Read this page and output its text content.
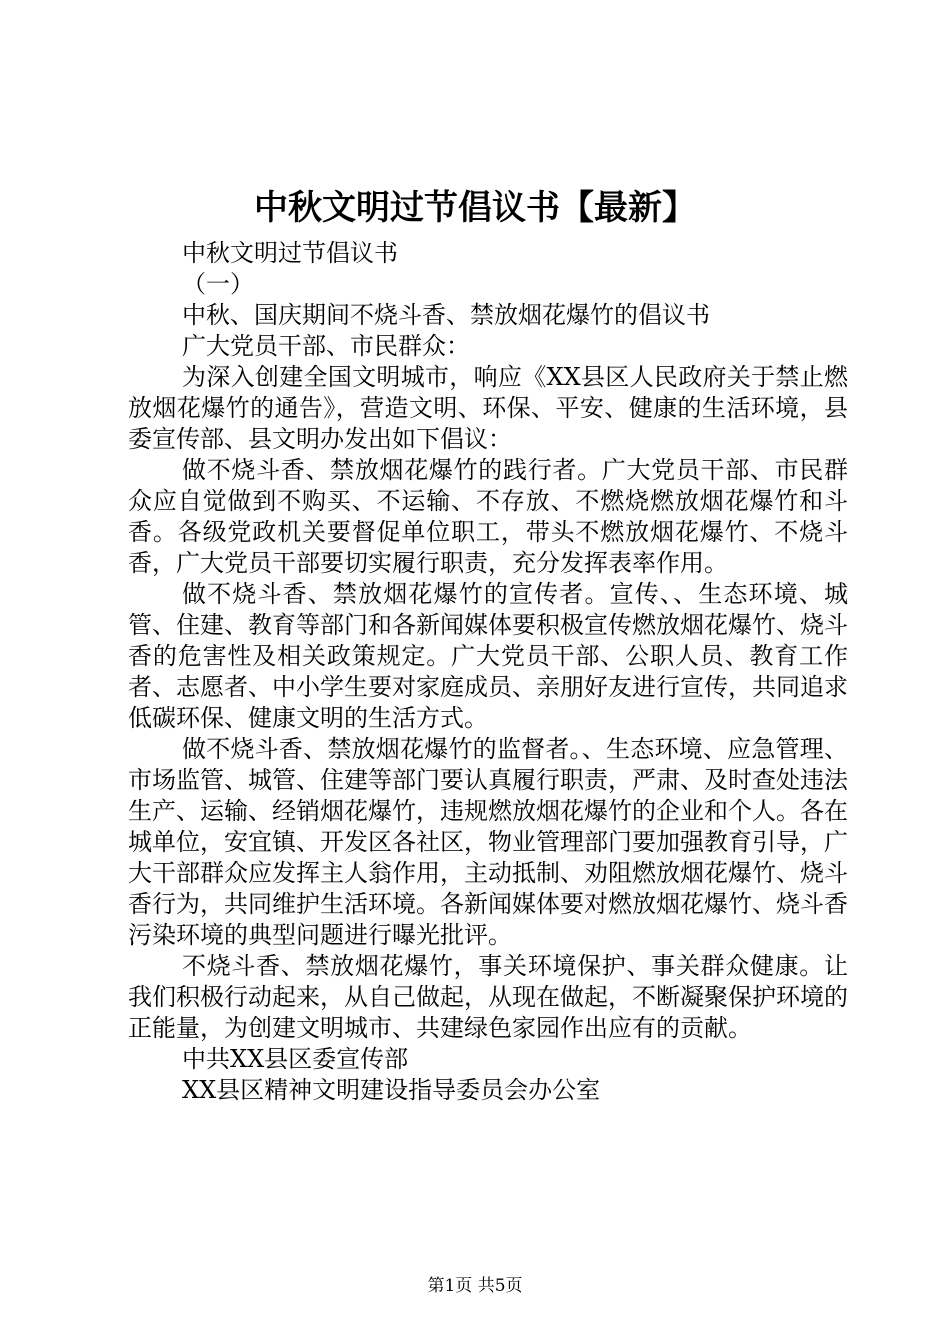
中秋文明过节倡议书【最新】

中秋文明过节倡议书

（一）

中秋、国庆期间不烧斗香、禁放烟花爆竹的倡议书

广大党员干部、市民群众：

为深入创建全国文明城市，响应《XX县区人民政府关于禁止燃放烟花爆竹的通告》，营造文明、环保、平安、健康的生活环境，县委宣传部、县文明办发出如下倡议：

做不烧斗香、禁放烟花爆竹的践行者。广大党员干部、市民群众应自觉做到不购买、不运输、不存放、不燃烧燃放烟花爆竹和斗香。各级党政机关要督促单位职工，带头不燃放烟花爆竹、不烧斗香，广大党员干部要切实履行职责，充分发挥表率作用。

做不烧斗香、禁放烟花爆竹的宣传者。宣传、、生态环境、城管、住建、教育等部门和各新闻媒体要积极宣传燃放烟花爆竹、烧斗香的危害性及相关政策规定。广大党员干部、公职人员、教育工作者、志愿者、中小学生要对家庭成员、亲朋好友进行宣传，共同追求低碳环保、健康文明的生活方式。

做不烧斗香、禁放烟花爆竹的监督者。、生态环境、应急管理、市场监管、城管、住建等部门要认真履行职责，严肃、及时查处违法生产、运输、经销烟花爆竹，违规燃放烟花爆竹的企业和个人。各在城单位，安宜镇、开发区各社区，物业管理部门要加强教育引导，广大干部群众应发挥主人翁作用，主动抵制、劝阻燃放烟花爆竹、烧斗香行为，共同维护生活环境。各新闻媒体要对燃放烟花爆竹、烧斗香污染环境的典型问题进行曝光批评。

不烧斗香、禁放烟花爆竹，事关环境保护、事关群众健康。让我们积极行动起来，从自己做起，从现在做起，不断凝聚保护环境的正能量，为创建文明城市、共建绿色家园作出应有的贡献。

中共XX县区委宣传部

XX县区精神文明建设指导委员会办公室

第1页 共5页
